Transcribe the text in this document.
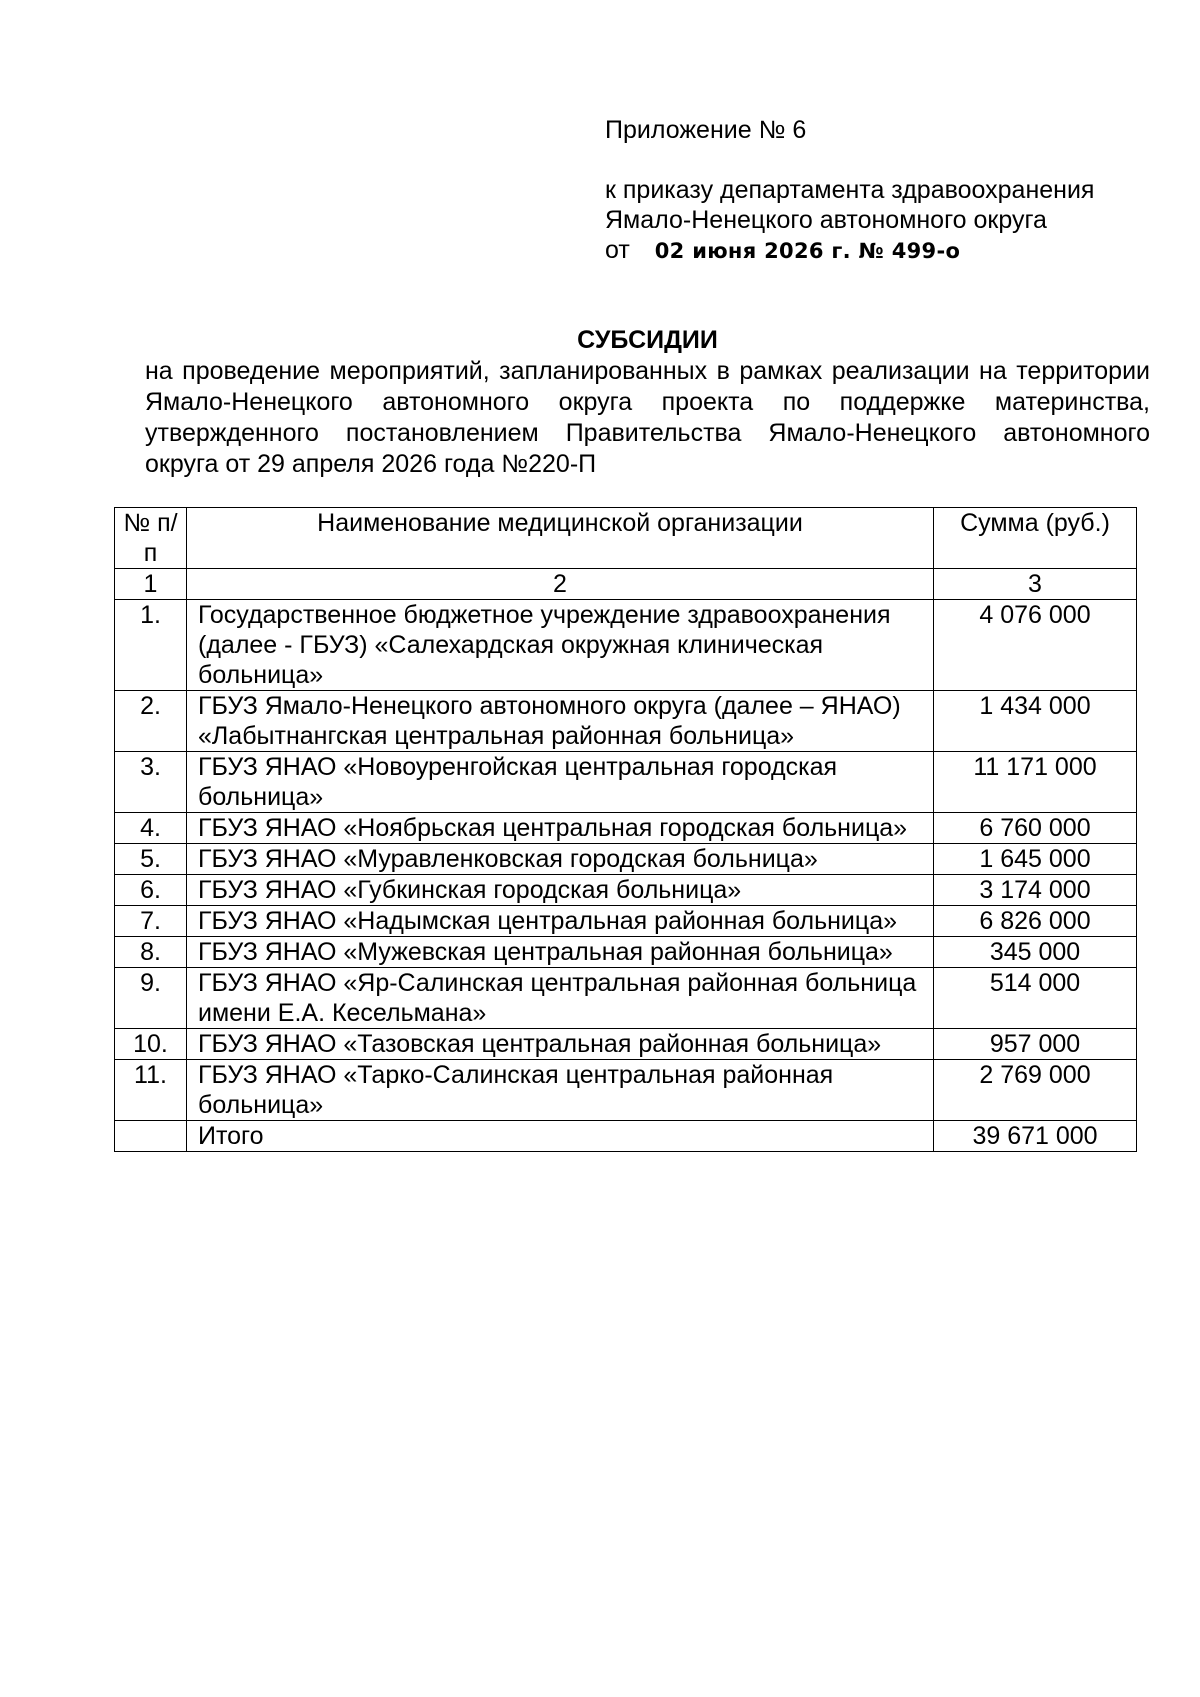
Приложение № 6
к приказу департамента здравоохранения
Ямало-Ненецкого автономного округа
от 02 июня 2026 г. № 499-о
СУБСИДИИ
на проведение мероприятий, запланированных в рамках реализации на территории Ямало-Ненецкого автономного округа проекта по поддержке материнства, утвержденного постановлением Правительства Ямало-Ненецкого автономного округа от 29 апреля 2026 года №220-П
№ п/п	Наименование медицинской организации	Сумма (руб.)
1	2	3
1.	Государственное бюджетное учреждение здравоохранения (далее - ГБУЗ) «Салехардская окружная клиническая больница»	4 076 000
2.	ГБУЗ Ямало-Ненецкого автономного округа (далее – ЯНАО) «Лабытнангская центральная районная больница»	1 434 000
3.	ГБУЗ ЯНАО «Новоуренгойская центральная городская больница»	11 171 000
4.	ГБУЗ ЯНАО «Ноябрьская центральная городская больница»	6 760 000
5.	ГБУЗ ЯНАО «Муравленковская городская больница»	1 645 000
6.	ГБУЗ ЯНАО «Губкинская городская больница»	3 174 000
7.	ГБУЗ ЯНАО «Надымская центральная районная больница»	6 826 000
8.	ГБУЗ ЯНАО «Мужевская центральная районная больница»	345 000
9.	ГБУЗ ЯНАО «Яр-Салинская центральная районная больница имени Е.А. Кесельмана»	514 000
10.	ГБУЗ ЯНАО «Тазовская центральная районная больница»	957 000
11.	ГБУЗ ЯНАО «Тарко-Салинская центральная районная больница»	2 769 000
	Итого	39 671 000
